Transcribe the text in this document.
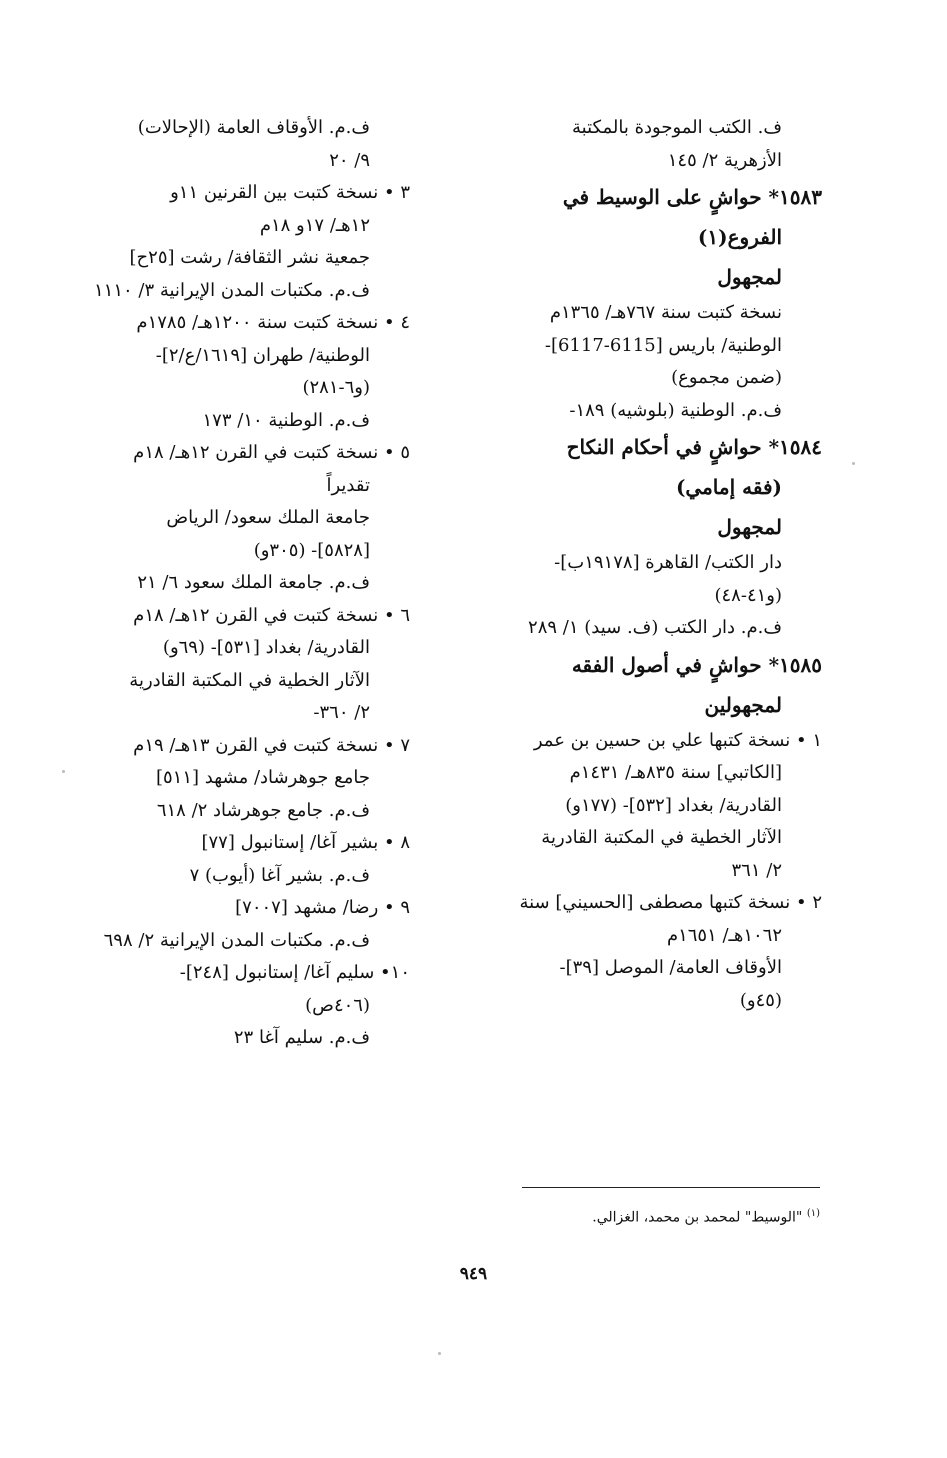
ف. الكتب الموجودة بالمكتبة
الأزهرية ٢/ ١٤٥
١٥٨٣* حواشٍ على الوسيط في
الفروع(١)
لمجهول
نسخة كتبت سنة ٧٦٧هـ/ ١٣٦٥م
الوطنية/ باريس [6115-6117]-
(ضمن مجموع)
ف.م. الوطنية (بلوشيه) ١٨٩-
١٥٨٤* حواشٍ في أحكام النكاح
(فقه إمامي)
لمجهول
دار الكتب/ القاهرة [١٩١٧٨ب]-
(و٤١-٤٨)
ف.م. دار الكتب (ف. سيد) ١/ ٢٨٩
١٥٨٥* حواشٍ في أصول الفقه
لمجهولين
١ • نسخة كتبها علي بن حسين بن عمر
[الكاتبي] سنة ٨٣٥هـ/ ١٤٣١م
القادرية/ بغداد [٥٣٢]- (١٧٧و)
الآثار الخطية في المكتبة القادرية
٢/ ٣٦١
٢ • نسخة كتبها مصطفى [الحسيني] سنة
١٠٦٢هـ/ ١٦٥١م
الأوقاف العامة/ الموصل [٣٩]-
(٤٥و)
ف.م. الأوقاف العامة (الإحالات)
٩/ ٢٠
٣ • نسخة كتبت بين القرنين ١١و
١٢هـ/ ١٧و ١٨م
جمعية نشر الثقافة/ رشت [٢٥ح]
ف.م. مكتبات المدن الإيرانية ٣/ ١١١٠
٤ • نسخة كتبت سنة ١٢٠٠هـ/ ١٧٨٥م
الوطنية/ طهران [١٦١٩/ع/٢]-
(و٦-٢٨١)
ف.م. الوطنية ١٠/ ١٧٣
٥ • نسخة كتبت في القرن ١٢هـ/ ١٨م
تقديراً
جامعة الملك سعود/ الرياض
[٥٨٢٨]- (٣٠٥و)
ف.م. جامعة الملك سعود ٦/ ٢١
٦ • نسخة كتبت في القرن ١٢هـ/ ١٨م
القادرية/ بغداد [٥٣١]- (٦٩و)
الآثار الخطية في المكتبة القادرية
٢/ ٣٦٠-
٧ • نسخة كتبت في القرن ١٣هـ/ ١٩م
جامع جوهرشاد/ مشهد [٥١١]
ف.م. جامع جوهرشاد ٢/ ٦١٨
٨ • بشير آغا/ إستانبول [٧٧]
ف.م. بشير آغا (أيوب) ٧
٩ • رضا/ مشهد [٧٠٠٧]
ف.م. مكتبات المدن الإيرانية ٢/ ٦٩٨
١٠• سليم آغا/ إستانبول [٢٤٨]-
(٤٠٦ص)
ف.م. سليم آغا ٢٣
$^{(١)}$ "الوسيط" لمحمد بن محمد، الغزالي.
٩٤٩
